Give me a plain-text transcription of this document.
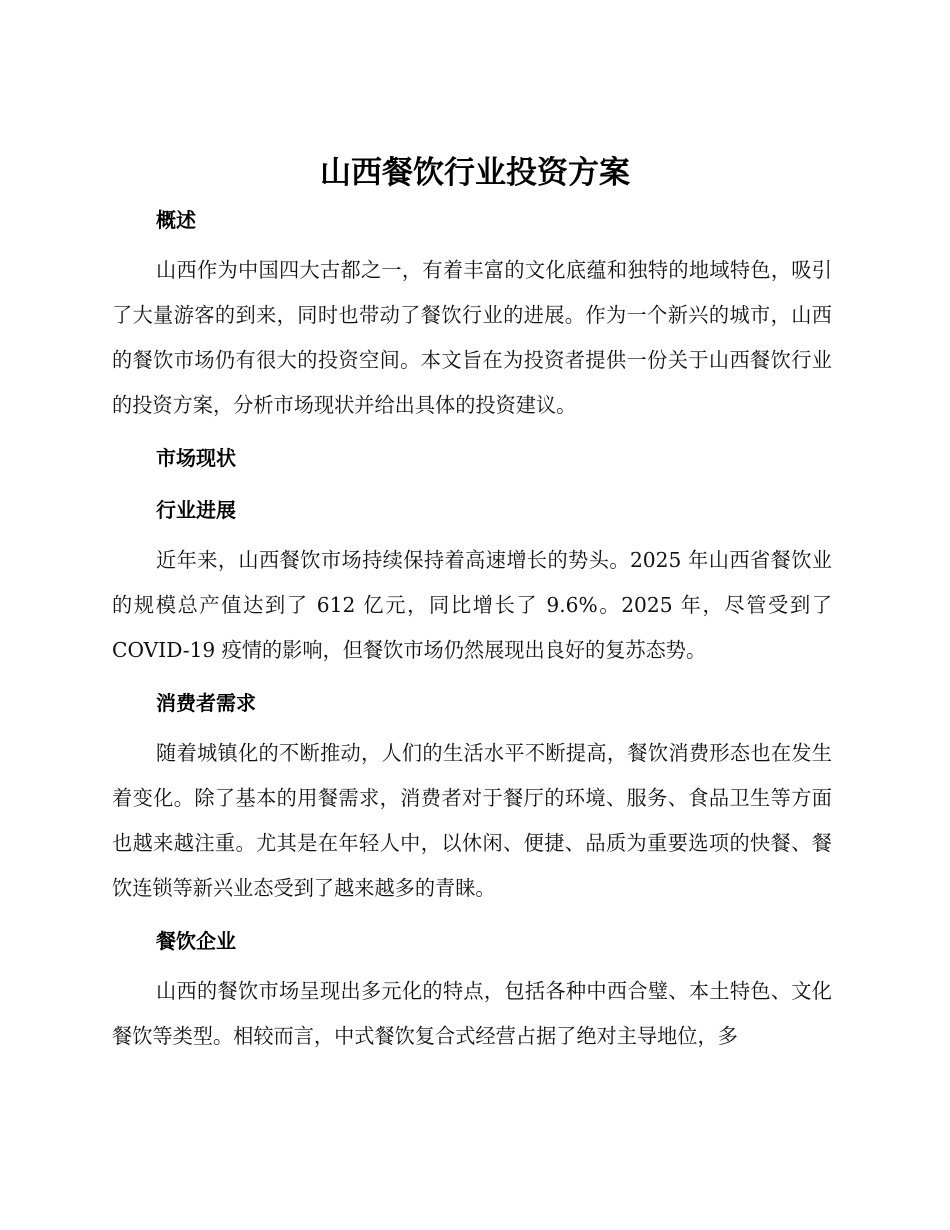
山西餐饮行业投资方案
概述

山西作为中国四大古都之一，有着丰富的文化底蕴和独特的地域特色，吸引了大量游客的到来，同时也带动了餐饮行业的进展。作为一个新兴的城市，山西的餐饮市场仍有很大的投资空间。本文旨在为投资者提供一份关于山西餐饮行业的投资方案，分析市场现状并给出具体的投资建议。

市场现状
行业进展

近年来，山西餐饮市场持续保持着高速增长的势头。2025 年山西省餐饮业的规模总产值达到了 612 亿元，同比增长了 9.6%。2025 年，尽管受到了 COVID-19 疫情的影响，但餐饮市场仍然展现出良好的复苏态势。

消费者需求

随着城镇化的不断推动，人们的生活水平不断提高，餐饮消费形态也在发生着变化。除了基本的用餐需求，消费者对于餐厅的环境、服务、食品卫生等方面也越来越注重。尤其是在年轻人中，以休闲、便捷、品质为重要选项的快餐、餐饮连锁等新兴业态受到了越来越多的青睐。

餐饮企业

山西的餐饮市场呈现出多元化的特点，包括各种中西合璧、本土特色、文化餐饮等类型。相较而言，中式餐饮复合式经营占据了绝对主导地位，多
